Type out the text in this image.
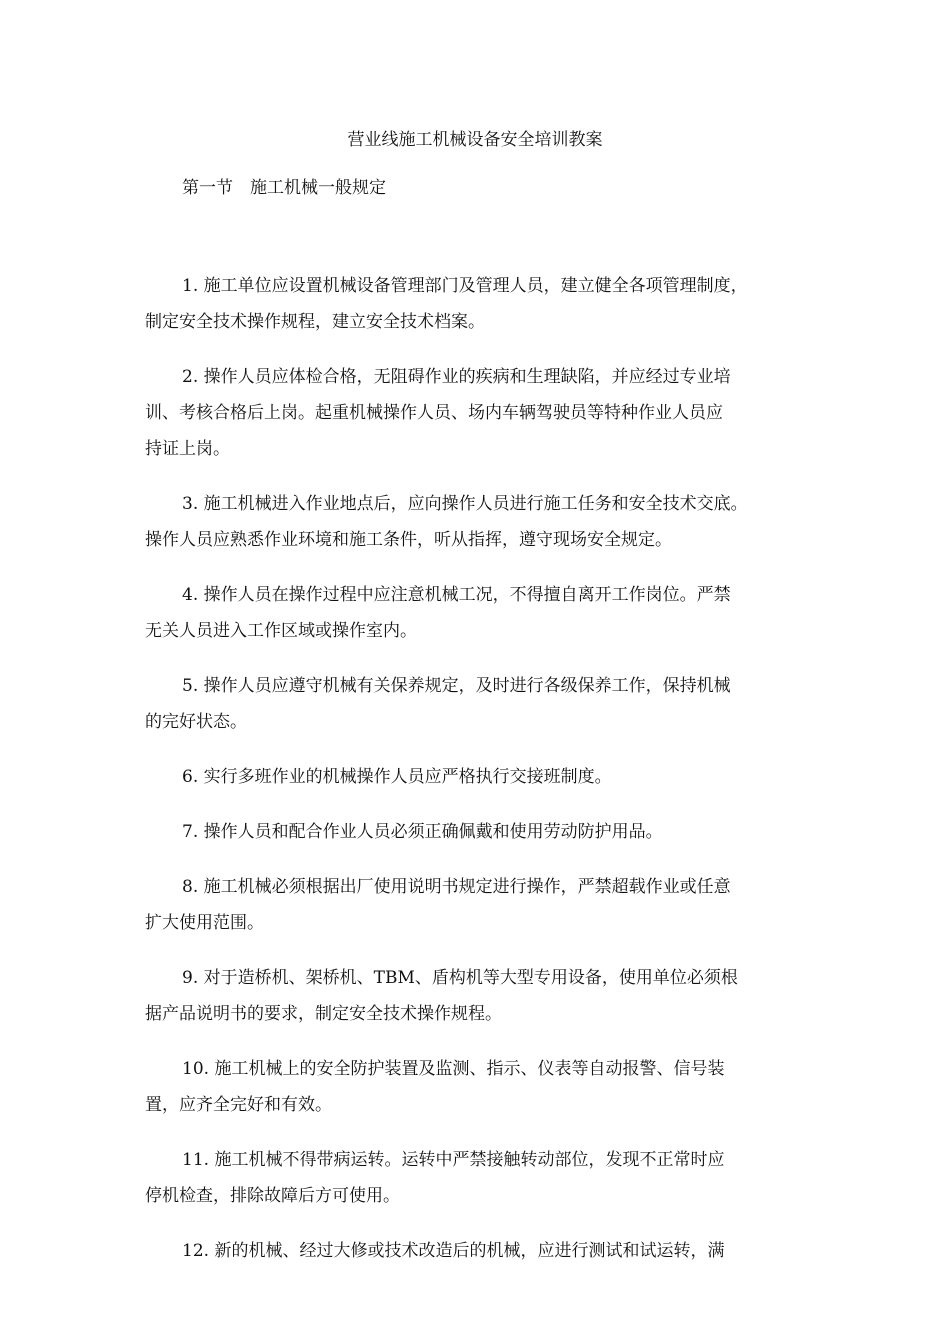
营业线施工机械设备安全培训教案
第一节　施工机械一般规定

1. 施工单位应设置机械设备管理部门及管理人员，建立健全各项管理制度，
制定安全技术操作规程，建立安全技术档案。

2. 操作人员应体检合格，无阻碍作业的疾病和生理缺陷，并应经过专业培
训、考核合格后上岗。起重机械操作人员、场内车辆驾驶员等特种作业人员应
持证上岗。

3. 施工机械进入作业地点后，应向操作人员进行施工任务和安全技术交底。
操作人员应熟悉作业环境和施工条件，听从指挥，遵守现场安全规定。

4. 操作人员在操作过程中应注意机械工况，不得擅自离开工作岗位。严禁
无关人员进入工作区域或操作室内。

5. 操作人员应遵守机械有关保养规定，及时进行各级保养工作，保持机械
的完好状态。

6. 实行多班作业的机械操作人员应严格执行交接班制度。

7. 操作人员和配合作业人员必须正确佩戴和使用劳动防护用品。

8. 施工机械必须根据出厂使用说明书规定进行操作，严禁超载作业或任意
扩大使用范围。

9. 对于造桥机、架桥机、TBM、盾构机等大型专用设备，使用单位必须根
据产品说明书的要求，制定安全技术操作规程。

10. 施工机械上的安全防护装置及监测、指示、仪表等自动报警、信号装
置，应齐全完好和有效。

11. 施工机械不得带病运转。运转中严禁接触转动部位，发现不正常时应
停机检查，排除故障后方可使用。

12. 新的机械、经过大修或技术改造后的机械，应进行测试和试运转，满
